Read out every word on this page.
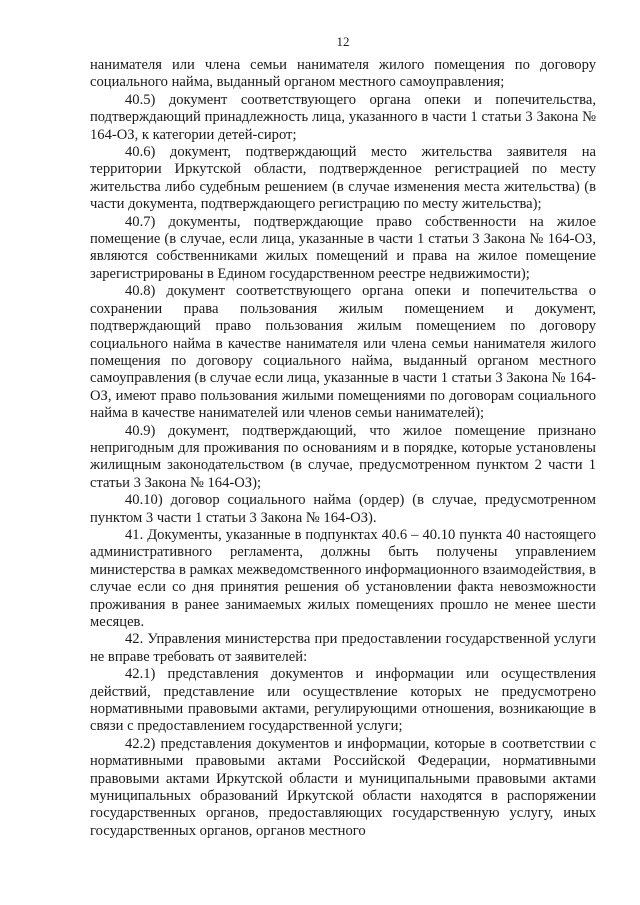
12

нанимателя или члена семьи нанимателя жилого помещения по договору социального найма, выданный органом местного самоуправления;

40.5) документ соответствующего органа опеки и попечительства, подтверждающий принадлежность лица, указанного в части 1 статьи 3 Закона № 164-ОЗ, к категории детей-сирот;

40.6) документ, подтверждающий место жительства заявителя на территории Иркутской области, подтвержденное регистрацией по месту жительства либо судебным решением (в случае изменения места жительства) (в части документа, подтверждающего регистрацию по месту жительства);

40.7) документы, подтверждающие право собственности на жилое помещение (в случае, если лица, указанные в части 1 статьи 3 Закона № 164-ОЗ, являются собственниками жилых помещений и права на жилое помещение зарегистрированы в Едином государственном реестре недвижимости);

40.8) документ соответствующего органа опеки и попечительства о сохранении права пользования жилым помещением и документ, подтверждающий право пользования жилым помещением по договору социального найма в качестве нанимателя или члена семьи нанимателя жилого помещения по договору социального найма, выданный органом местного самоуправления (в случае если лица, указанные в части 1 статьи 3 Закона № 164-ОЗ, имеют право пользования жилыми помещениями по договорам социального найма в качестве нанимателей или членов семьи нанимателей);

40.9) документ, подтверждающий, что жилое помещение признано непригодным для проживания по основаниям и в порядке, которые установлены жилищным законодательством (в случае, предусмотренном пунктом 2 части 1 статьи 3 Закона № 164-ОЗ);

40.10) договор социального найма (ордер) (в случае, предусмотренном пунктом 3 части 1 статьи 3 Закона № 164-ОЗ).

41. Документы, указанные в подпунктах 40.6 – 40.10 пункта 40 настоящего административного регламента, должны быть получены управлением министерства в рамках межведомственного информационного взаимодействия, в случае если со дня принятия решения об установлении факта невозможности проживания в ранее занимаемых жилых помещениях прошло не менее шести месяцев.

42. Управления министерства при предоставлении государственной услуги не вправе требовать от заявителей:

42.1) представления документов и информации или осуществления действий, представление или осуществление которых не предусмотрено нормативными правовыми актами, регулирующими отношения, возникающие в связи с предоставлением государственной услуги;

42.2) представления документов и информации, которые в соответствии с нормативными правовыми актами Российской Федерации, нормативными правовыми актами Иркутской области и муниципальными правовыми актами муниципальных образований Иркутской области находятся в распоряжении государственных органов, предоставляющих государственную услугу, иных государственных органов, органов местного
